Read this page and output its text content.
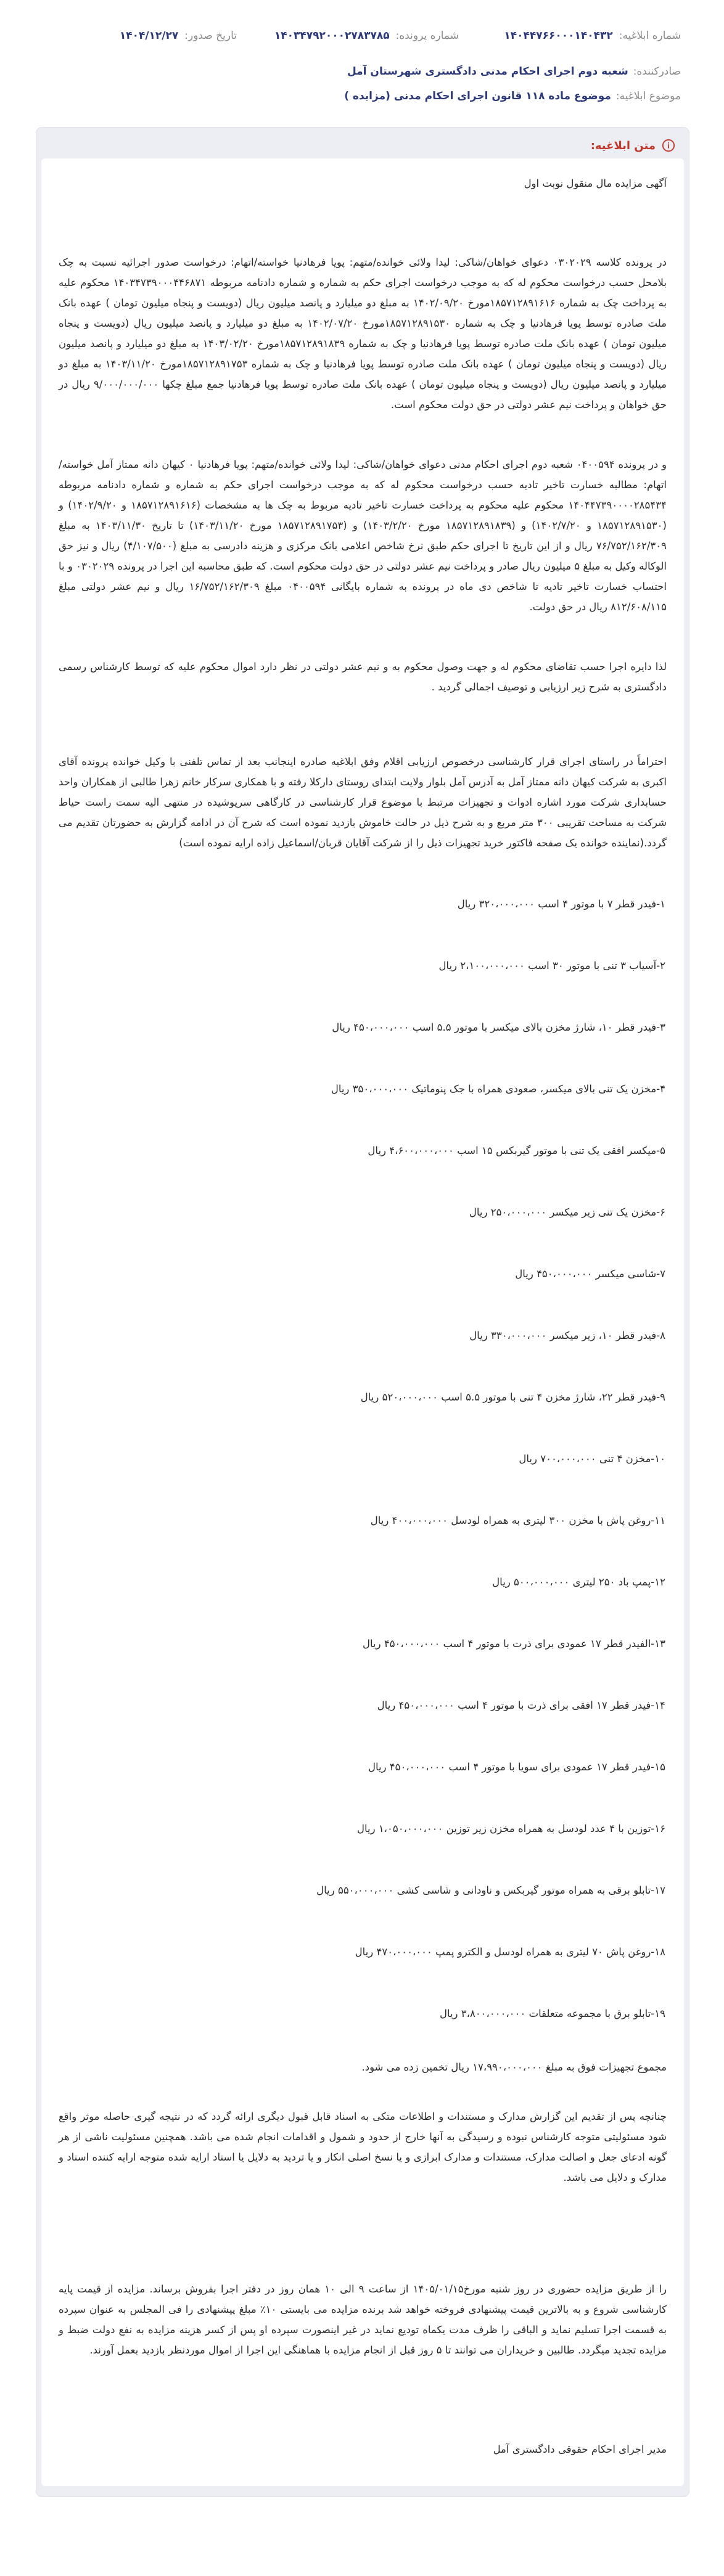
شماره ابلاغیه:
۱۴۰۴۴۷۶۶۰۰۰۱۴۰۴۳۲
شماره پرونده:
۱۴۰۳۴۷۹۲۰۰۰۲۷۸۳۷۸۵
تاریخ صدور:
۱۴۰۴/۱۲/۲۷
صادرکننده:
شعبه دوم اجرای احکام مدنی دادگستری شهرستان آمل
موضوع ابلاغیه:
موضوع ماده ۱۱۸ قانون اجرای احکام مدنی (مزایده )
متن ابلاغیه:
آگهی مزایده مال منقول نوبت اول
در پرونده کلاسه ۰۳۰۲۰۲۹ دعوای خواهان/شاکی: لیدا ولائی خوانده/متهم: پویا فرهادنیا خواسته/اتهام: درخواست صدور اجرائیه نسبت به چک بلامحل حسب درخواست محکوم له که به موجب درخواست اجرای حکم به شماره و شماره دادنامه مربوطه ۱۴۰۳۴۷۳۹۰۰۰۴۴۶۸۷۱ محکوم علیه به پرداخت چک به شماره ۱۸۵۷۱۲۸۹۱۶۱۶مورخ ۱۴۰۲/۰۹/۲۰ به مبلغ دو میلیارد و پانصد میلیون ریال (دویست و پنجاه میلیون تومان ) عهده بانک ملت صادره توسط پویا فرهادنیا و چک به شماره ۱۸۵۷۱۲۸۹۱۵۳۰مورخ ۱۴۰۲/۰۷/۲۰ به مبلغ دو میلیارد و پانصد میلیون ریال (دویست و پنجاه میلیون تومان ) عهده بانک ملت صادره توسط پویا فرهادنیا و چک به شماره ۱۸۵۷۱۲۸۹۱۸۳۹مورخ ۱۴۰۳/۰۲/۲۰ به مبلغ دو میلیارد و پانصد میلیون ریال (دویست و پنجاه میلیون تومان ) عهده بانک ملت صادره توسط پویا فرهادنیا و چک به شماره ۱۸۵۷۱۲۸۹۱۷۵۳مورخ ۱۴۰۳/۱۱/۲۰ به مبلغ دو میلیارد و پانصد میلیون ریال (دویست و پنجاه میلیون تومان ) عهده بانک ملت صادره توسط پویا فرهادنیا جمع مبلغ چکها ۹/۰۰۰/۰۰۰/۰۰۰ ریال در حق خواهان و پرداخت نیم عشر دولتی در حق دولت محکوم است.
و در پرونده ۰۴۰۰۵۹۴ شعبه دوم اجرای احکام مدنی دعوای خواهان/شاکی: لیدا ولائی خوانده/متهم: پویا فرهادنیا ۰ کیهان دانه ممتاز آمل خواسته/اتهام: مطالبه خسارت تاخیر تادیه حسب درخواست محکوم له که به موجب درخواست اجرای حکم به شماره و شماره دادنامه مربوطه ۱۴۰۴۴۷۳۹۰۰۰۰۲۸۵۴۳۴ محکوم علیه محکوم به پرداخت خسارت تاخیر تادیه مربوط به چک ها به مشخصات (۱۸۵۷۱۲۸۹۱۶۱۶ و ۱۴۰۲/۹/۲۰) و (۱۸۵۷۱۲۸۹۱۵۳۰ و ۱۴۰۲/۷/۲۰) و (۱۸۵۷۱۲۸۹۱۸۳۹ مورخ ۱۴۰۳/۲/۲۰) و (۱۸۵۷۱۲۸۹۱۷۵۳ مورخ ۱۴۰۳/۱۱/۲۰) تا تاریخ ۱۴۰۳/۱۱/۳۰ به مبلغ ۷۶/۷۵۲/۱۶۲/۳۰۹ ریال و از این تاریخ تا اجرای حکم طبق نرخ شاخص اعلامی بانک مرکزی و هزینه دادرسی به مبلغ (۴/۱۰۷/۵۰۰) ریال و نیز حق الوکاله وکیل به مبلغ ۵ میلیون ریال صادر و پرداخت نیم عشر دولتی در حق دولت محکوم است. که طبق محاسبه این اجرا در پرونده ۰۳۰۲۰۲۹ و با احتساب خسارت تاخیر تادیه تا شاخص دی ماه در پرونده به شماره بایگانی ۰۴۰۰۵۹۴ مبلغ ۱۶/۷۵۲/۱۶۲/۳۰۹ ریال و نیم عشر دولتی مبلغ ۸۱۲/۶۰۸/۱۱۵ ریال در حق دولت.
لذا دایره اجرا حسب تقاضای محکوم له و جهت وصول محکوم به و نیم عشر دولتی در نظر دارد اموال محکوم علیه که توسط کارشناس رسمی دادگستری به شرح زیر ارزیابی و توصیف اجمالی گردید .
احتراماً در راستای اجرای قرار کارشناسی درخصوص ارزیابی اقلام وفق ابلاغیه صادره اینجانب بعد از تماس تلفنی با وکیل خوانده پرونده آقای اکبری به شرکت کیهان دانه ممتاز آمل به آدرس آمل بلوار ولایت ابتدای روستای دارکلا رفته و با همکاری سرکار خانم زهرا طالبی از همکاران واحد حسابداری شرکت مورد اشاره ادوات و تجهیزات مرتبط با موضوع قرار کارشناسی در کارگاهی سرپوشیده در منتهی الیه سمت راست حیاط شرکت به مساحت تقریبی ۳۰۰ متر مربع و به شرح ذیل در حالت خاموش بازدید نموده است که شرح آن در ادامه گزارش به حضورتان تقدیم می گردد.(نماینده خوانده یک صفحه فاکتور خرید تجهیزات ذیل را از شرکت آقایان قربان/اسماعیل زاده ارایه نموده است)
۱-فیدر قطر ۷ با موتور ۴ اسب ۳۲۰،۰۰۰،۰۰۰ ریال
۲-آسیاب ۳ تنی با موتور ۳۰ اسب ۲،۱۰۰،۰۰۰،۰۰۰ ریال
۳-فیدر قطر ۱۰، شارژ مخزن بالای میکسر با موتور ۵.۵ اسب ۴۵۰،۰۰۰،۰۰۰ ریال
۴-مخزن یک تنی بالای میکسر، صعودی همراه با جک پنوماتیک ۳۵۰،۰۰۰،۰۰۰ ریال
۵-میکسر افقی یک تنی با موتور گیربکس ۱۵ اسب ۴،۶۰۰،۰۰۰،۰۰۰ ریال
۶-مخزن یک تنی زیر میکسر ۲۵۰،۰۰۰،۰۰۰ ریال
۷-شاسی میکسر ۴۵۰،۰۰۰،۰۰۰ ریال
۸-فیدر قطر ۱۰، زیر میکسر ۳۳۰،۰۰۰،۰۰۰ ریال
۹-فیدر قطر ۲۲، شارژ مخزن ۴ تنی با موتور ۵.۵ اسب ۵۲۰،۰۰۰،۰۰۰ ریال
۱۰-مخزن ۴ تنی ۷۰۰،۰۰۰،۰۰۰ ریال
۱۱-روغن پاش با مخزن ۳۰۰ لیتری به همراه لودسل ۴۰۰،۰۰۰،۰۰۰ ریال
۱۲-پمپ باد ۲۵۰ لیتری ۵۰۰،۰۰۰،۰۰۰ ریال
۱۳-الفیدر قطر ۱۷ عمودی برای ذرت با موتور ۴ اسب ۴۵۰،۰۰۰،۰۰۰ ریال
۱۴-فیدر قطر ۱۷ افقی برای ذرت با موتور ۴ اسب ۴۵۰،۰۰۰،۰۰۰ ریال
۱۵-فیدر قطر ۱۷ عمودی برای سویا با موتور ۴ اسب ۴۵۰،۰۰۰،۰۰۰ ریال
۱۶-توزین با ۴ عدد لودسل به همراه مخزن زیر توزین ۱،۰۵۰،۰۰۰،۰۰۰ ریال
۱۷-تابلو برقی به همراه موتور گیربکس و ناودانی و شاسی کشی ۵۵۰،۰۰۰،۰۰۰ ریال
۱۸-روغن پاش ۷۰ لیتری به همراه لودسل و الکترو پمپ ۴۷۰،۰۰۰،۰۰۰ ریال
۱۹-تابلو برق با مجموعه متعلقات ۳،۸۰۰،۰۰۰،۰۰۰ ریال
مجموع تجهیزات فوق به مبلغ ۱۷،۹۹۰،۰۰۰،۰۰۰ ریال تخمین زده می شود.
چنانچه پس از تقدیم این گزارش مدارک و مستندات و اطلاعات متکی به اسناد قابل قبول دیگری ارائه گردد که در نتیجه گیری حاصله موثر واقع شود مسئولیتی متوجه کارشناس نبوده و رسیدگی به آنها خارج از حدود و شمول و اقدامات انجام شده می باشد. همچنین مسئولیت ناشی از هر گونه ادعای جعل و اصالت مدارک، مستندات و مدارک ابرازی و یا نسخ اصلی انکار و یا تردید به دلایل یا اسناد ارایه شده متوجه ارایه کننده اسناد و مدارک و دلایل می باشد.
را از طریق مزایده حضوری در روز شنبه مورخ۱۴۰۵/۰۱/۱۵ از ساعت ۹ الی ۱۰ همان روز در دفتر اجرا بفروش برساند. مزایده از قیمت پایه کارشناسی شروع و به بالاترین قیمت پیشنهادی فروخته خواهد شد برنده مزایده می بایستی ۱۰٪ مبلغ پیشنهادی را فی المجلس به عنوان سپرده به قسمت اجرا تسلیم نماید و الباقی را ظرف مدت یکماه تودیع نماید در غیر اینصورت سپرده او پس از کسر هزینه مزایده به نفع دولت ضبط و مزایده تجدید میگردد. طالبین و خریداران می توانند تا ۵ روز قبل از انجام مزایده با هماهنگی این اجرا از اموال موردنظر بازدید بعمل آورند.
مدیر اجرای احکام حقوقی دادگستری آمل
